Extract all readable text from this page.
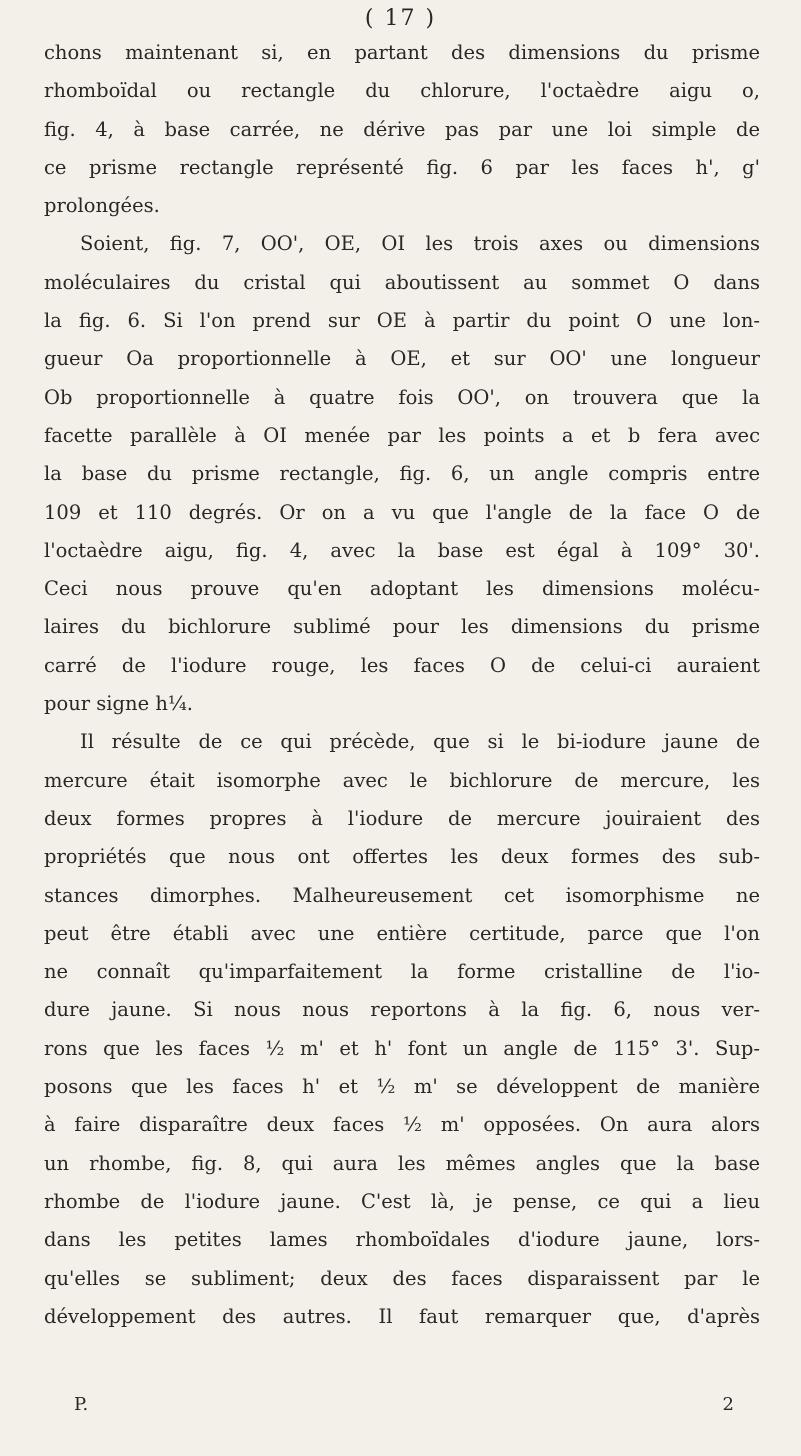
( 17 )
chons maintenant si, en partant des dimensions du prisme
rhomboïdal ou rectangle du chlorure, l'octaèdre aigu o,
fig. 4, à base carrée, ne dérive pas par une loi simple de
ce prisme rectangle représenté fig. 6 par les faces h', g'
prolongées.
Soient, fig. 7, OO', OE, OI les trois axes ou dimensions
moléculaires du cristal qui aboutissent au sommet O dans
la fig. 6. Si l'on prend sur OE à partir du point O une lon-
gueur Oa proportionnelle à OE, et sur OO' une longueur
Ob proportionnelle à quatre fois OO', on trouvera que la
facette parallèle à OI menée par les points a et b fera avec
la base du prisme rectangle, fig. 6, un angle compris entre
109 et 110 degrés. Or on a vu que l'angle de la face O de
l'octaèdre aigu, fig. 4, avec la base est égal à 109° 30'.
Ceci nous prouve qu'en adoptant les dimensions molécu-
laires du bichlorure sublimé pour les dimensions du prisme
carré de l'iodure rouge, les faces O de celui-ci auraient
pour signe h¼.
Il résulte de ce qui précède, que si le bi-iodure jaune de
mercure était isomorphe avec le bichlorure de mercure, les
deux formes propres à l'iodure de mercure jouiraient des
propriétés que nous ont offertes les deux formes des sub-
stances dimorphes. Malheureusement cet isomorphisme ne
peut être établi avec une entière certitude, parce que l'on
ne connaît qu'imparfaitement la forme cristalline de l'io-
dure jaune. Si nous nous reportons à la fig. 6, nous ver-
rons que les faces ½ m' et h' font un angle de 115° 3'. Sup-
posons que les faces h' et ½ m' se développent de manière
à faire disparaître deux faces ½ m' opposées. On aura alors
un rhombe, fig. 8, qui aura les mêmes angles que la base
rhombe de l'iodure jaune. C'est là, je pense, ce qui a lieu
dans les petites lames rhomboïdales d'iodure jaune, lors-
qu'elles se subliment; deux des faces disparaissent par le
développement des autres. Il faut remarquer que, d'après
P.	2
